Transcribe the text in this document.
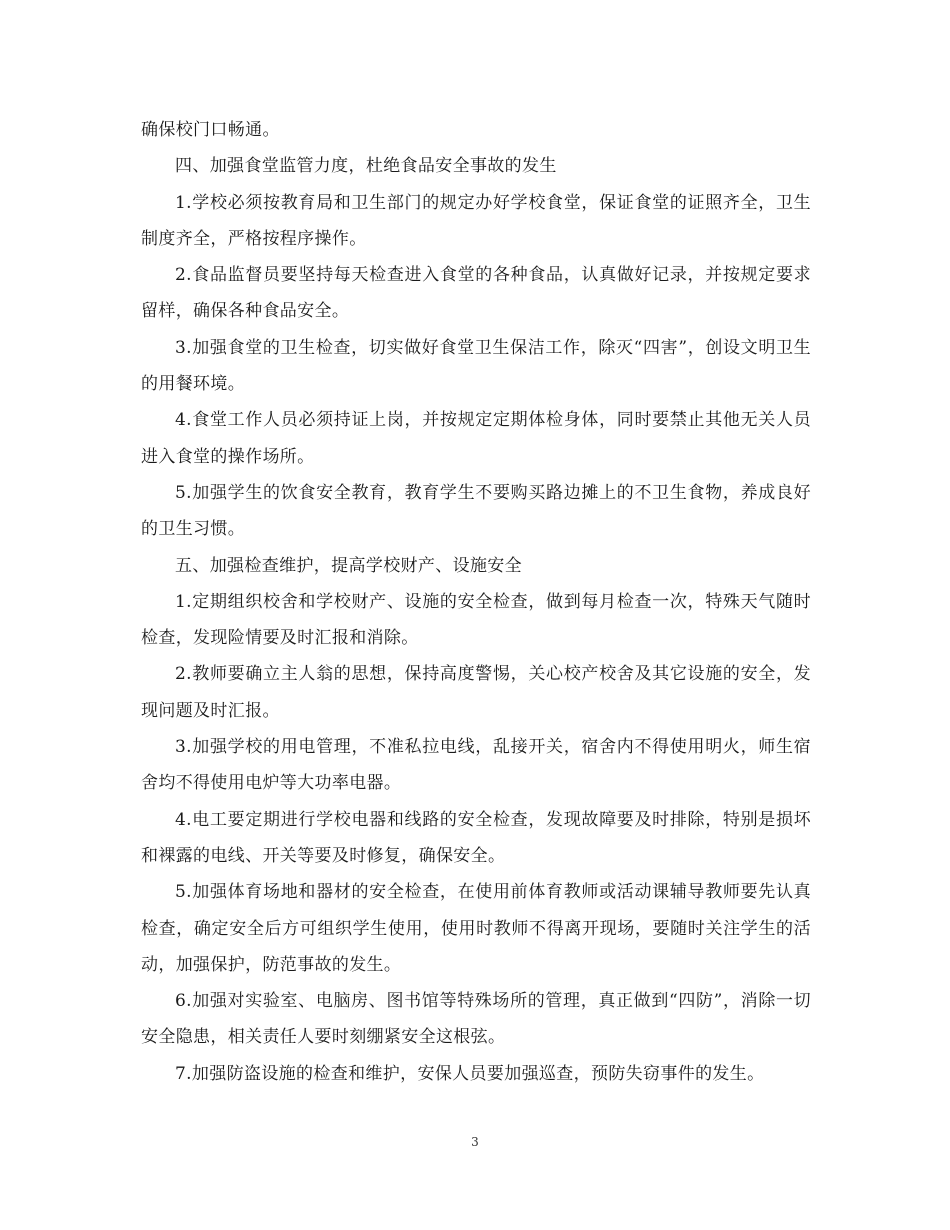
确保校门口畅通。

四、加强食堂监管力度，杜绝食品安全事故的发生

1.学校必须按教育局和卫生部门的规定办好学校食堂，保证食堂的证照齐全，卫生制度齐全，严格按程序操作。

2.食品监督员要坚持每天检查进入食堂的各种食品，认真做好记录，并按规定要求留样，确保各种食品安全。

3.加强食堂的卫生检查，切实做好食堂卫生保洁工作，除灭“四害”，创设文明卫生的用餐环境。

4.食堂工作人员必须持证上岗，并按规定定期体检身体，同时要禁止其他无关人员进入食堂的操作场所。

5.加强学生的饮食安全教育，教育学生不要购买路边摊上的不卫生食物，养成良好的卫生习惯。

五、加强检查维护，提高学校财产、设施安全

1.定期组织校舍和学校财产、设施的安全检查，做到每月检查一次，特殊天气随时检查，发现险情要及时汇报和消除。

2.教师要确立主人翁的思想，保持高度警惕，关心校产校舍及其它设施的安全，发现问题及时汇报。

3.加强学校的用电管理，不准私拉电线，乱接开关，宿舍内不得使用明火，师生宿舍均不得使用电炉等大功率电器。

4.电工要定期进行学校电器和线路的安全检查，发现故障要及时排除，特别是损坏和裸露的电线、开关等要及时修复，确保安全。

5.加强体育场地和器材的安全检查，在使用前体育教师或活动课辅导教师要先认真检查，确定安全后方可组织学生使用，使用时教师不得离开现场，要随时关注学生的活动，加强保护，防范事故的发生。

6.加强对实验室、电脑房、图书馆等特殊场所的管理，真正做到“四防”，消除一切安全隐患，相关责任人要时刻绷紧安全这根弦。

7.加强防盗设施的检查和维护，安保人员要加强巡查，预防失窃事件的发生。

3
